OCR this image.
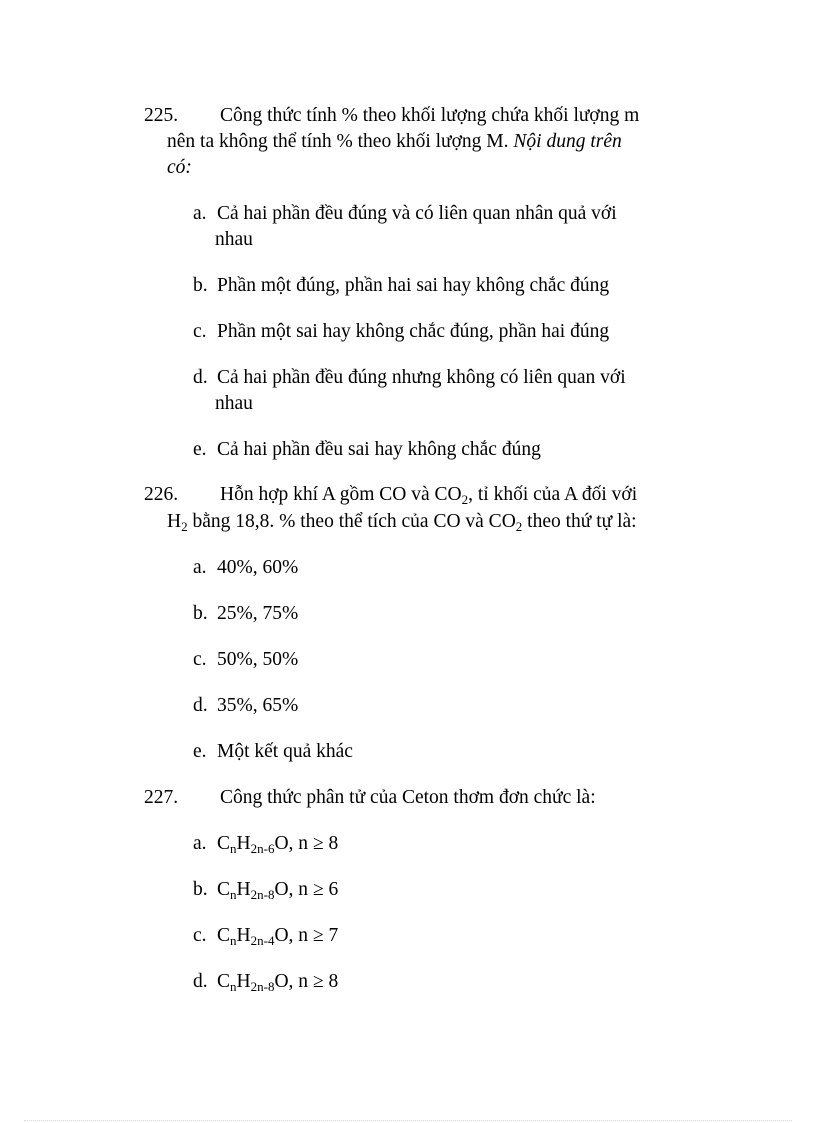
225. Công thức tính % theo khối lượng chứa khối lượng m
nên ta không thể tính % theo khối lượng M. Nội dung trên
có:
a. Cả hai phần đều đúng và có liên quan nhân quả với
nhau
b. Phần một đúng, phần hai sai hay không chắc đúng
c. Phần một sai hay không chắc đúng, phần hai đúng
d. Cả hai phần đều đúng nhưng không có liên quan với
nhau
e. Cả hai phần đều sai hay không chắc đúng
226. Hỗn hợp khí A gồm CO và $CO_2$, tỉ khối của A đối với
$H_2$ bằng 18,8. % theo thể tích của CO và $CO_2$ theo thứ tự là:
a. 40%, 60%
b. 25%, 75%
c. 50%, 50%
d. 35%, 65%
e. Một kết quả khác
227. Công thức phân tử của Ceton thơm đơn chức là:
a. $C_nH_{2n-6}O$, n ≥ 8
b. $C_nH_{2n-8}O$, n ≥ 6
c. $C_nH_{2n-4}O$, n ≥ 7
d. $C_nH_{2n-8}O$, n ≥ 8
